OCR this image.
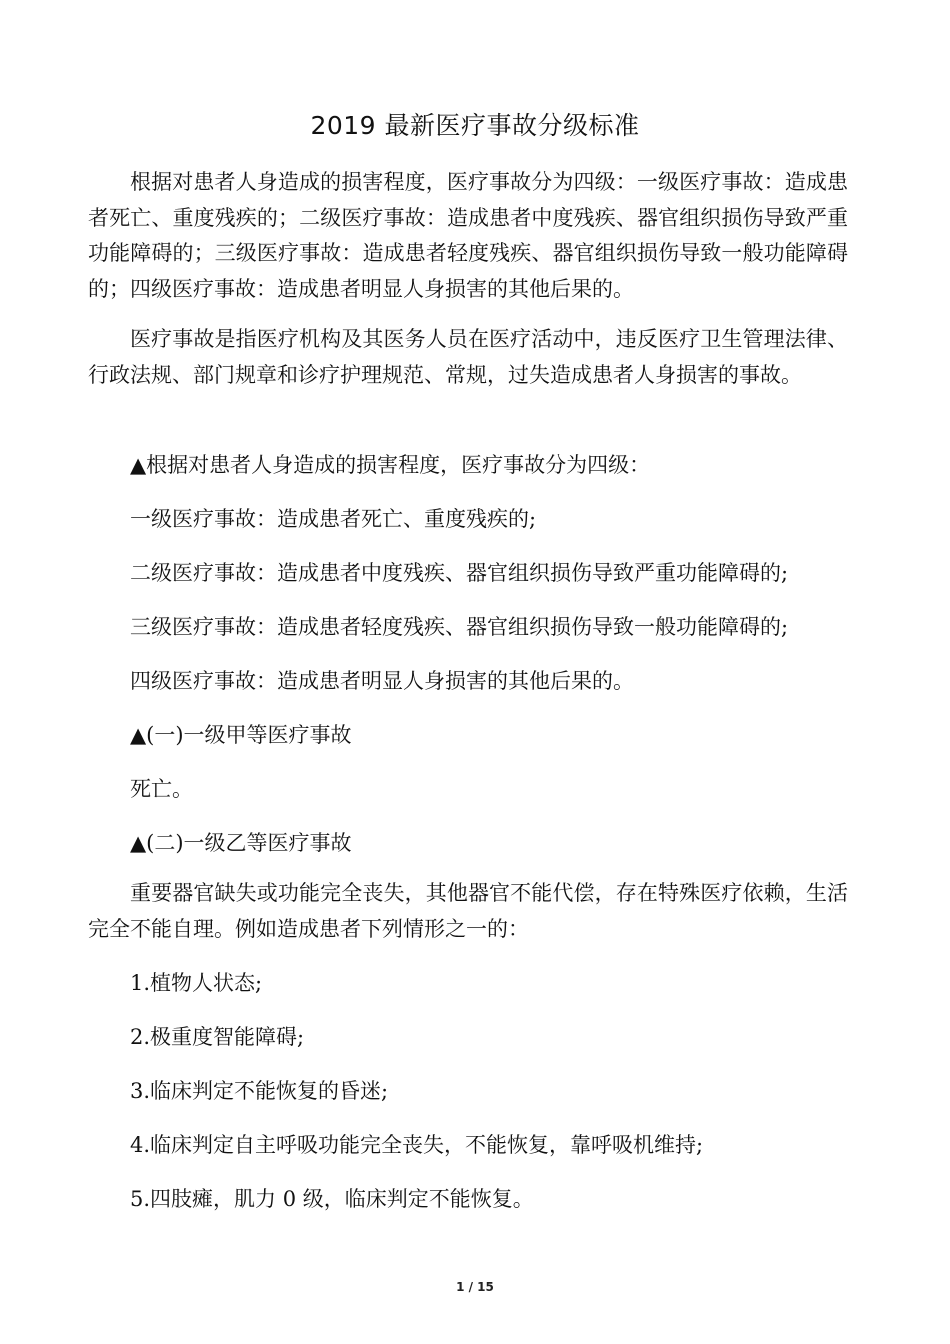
2019 最新医疗事故分级标准

根据对患者人身造成的损害程度，医疗事故分为四级：一级医疗事故：造成患者死亡、重度残疾的；二级医疗事故：造成患者中度残疾、器官组织损伤导致严重功能障碍的；三级医疗事故：造成患者轻度残疾、器官组织损伤导致一般功能障碍的；四级医疗事故：造成患者明显人身损害的其他后果的。

医疗事故是指医疗机构及其医务人员在医疗活动中，违反医疗卫生管理法律、行政法规、部门规章和诊疗护理规范、常规，过失造成患者人身损害的事故。

▲根据对患者人身造成的损害程度，医疗事故分为四级：

一级医疗事故：造成患者死亡、重度残疾的;

二级医疗事故：造成患者中度残疾、器官组织损伤导致严重功能障碍的;

三级医疗事故：造成患者轻度残疾、器官组织损伤导致一般功能障碍的;

四级医疗事故：造成患者明显人身损害的其他后果的。

▲(一)一级甲等医疗事故

死亡。

▲(二)一级乙等医疗事故

重要器官缺失或功能完全丧失，其他器官不能代偿，存在特殊医疗依赖，生活完全不能自理。例如造成患者下列情形之一的：

1.植物人状态;

2.极重度智能障碍;

3.临床判定不能恢复的昏迷;

4.临床判定自主呼吸功能完全丧失，不能恢复，靠呼吸机维持;

5.四肢瘫，肌力 0 级，临床判定不能恢复。

1 / 15
